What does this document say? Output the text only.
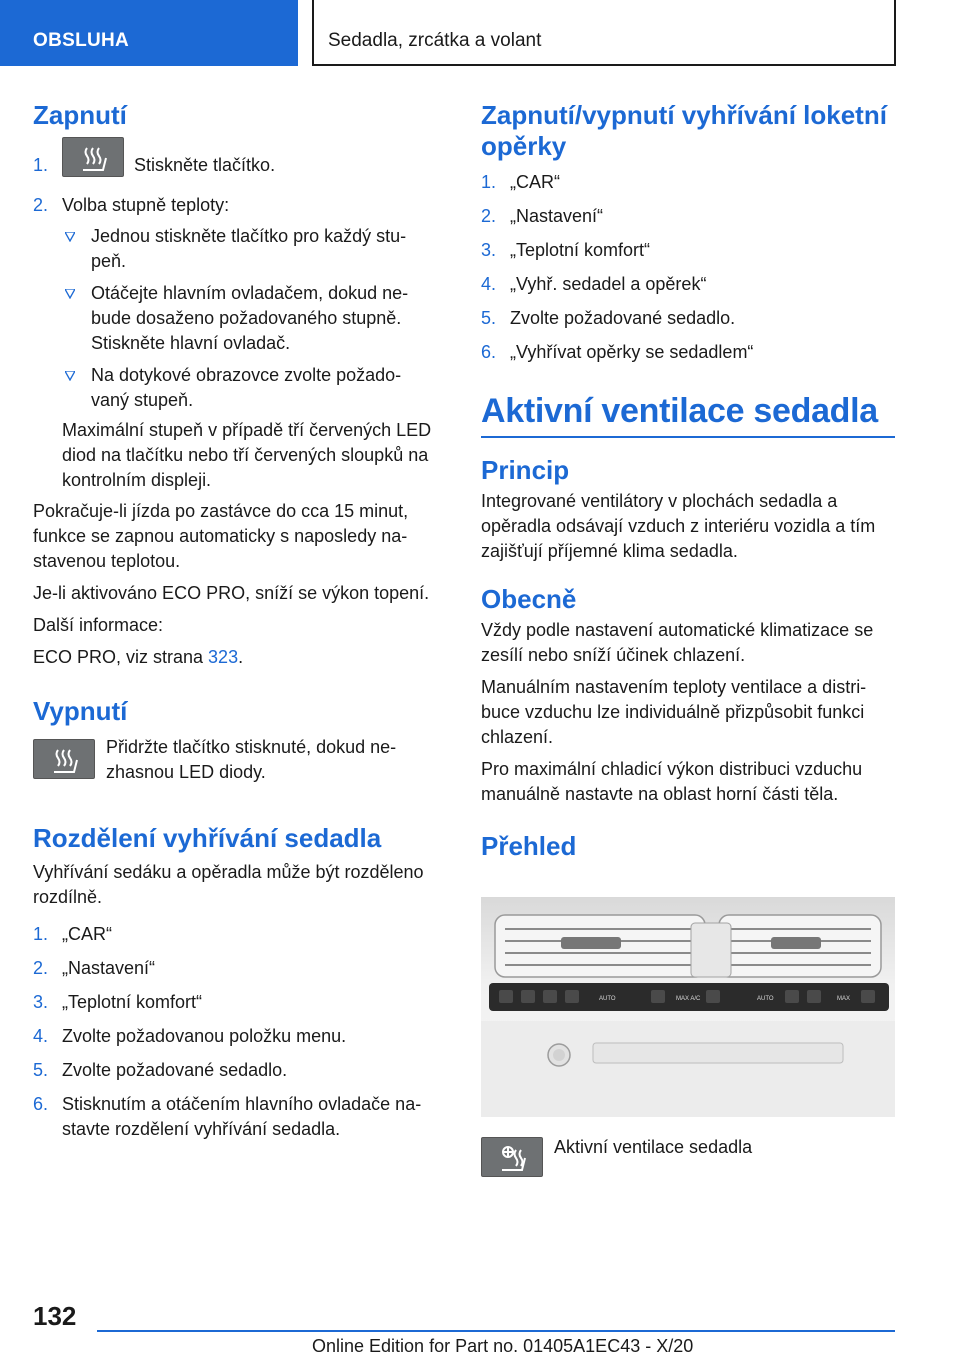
OBSLUHA	Sedadla, zrcátka a volant
Zapnutí
1.	Stiskněte tlačítko.
2. Volba stupně teploty:
Jednou stiskněte tlačítko pro každý stu‐
peň.
Otáčejte hlavním ovladačem, dokud ne‐
bude dosaženo požadovaného stupně.
Stiskněte hlavní ovladač.
Na dotykové obrazovce zvolte požado‐
vaný stupeň.

Maximální stupeň v případě tří červených LED
diod na tlačítku nebo tří červených sloupků na
kontrolním displeji.

Pokračuje-li jízda po zastávce do cca 15 minut,
funkce se zapnou automaticky s naposledy na‐
stavenou teplotou.

Je-li aktivováno ECO PRO, sníží se výkon topení.

Další informace:

ECO PRO, viz strana 323.

Vypnutí

Přidržte tlačítko stisknuté, dokud ne‐
zhasnou LED diody.

Rozdělení vyhřívání sedadla

Vyhřívání sedáku a opěradla může být rozděleno
rozdílně.

1. „CAR“
2. „Nastavení“
3. „Teplotní komfort“
4. Zvolte požadovanou položku menu.
5. Zvolte požadované sedadlo.
6. Stisknutím a otáčením hlavního ovladače na‐
stavte rozdělení vyhřívání sedadla.
Zapnutí/vypnutí vyhřívání loketní
opěrky
1. „CAR“
2. „Nastavení“
3. „Teplotní komfort“
4. „Vyhř. sedadel a opěrek“
5. Zvolte požadované sedadlo.
6. „Vyhřívat opěrky se sedadlem“
Aktivní ventilace sedadla
Princip

Integrované ventilátory v plochách sedadla a
opěradla odsávají vzduch z interiéru vozidla a tím
zajišťují příjemné klima sedadla.

Obecně

Vždy podle nastavení automatické klimatizace se
zesílí nebo sníží účinek chlazení.

Manuálním nastavením teploty ventilace a distri‐
buce vzduchu lze individuálně přizpůsobit funkci
chlazení.

Pro maximální chladicí výkon distribuci vzduchu
manuálně nastavte na oblast horní části těla.

Přehled
AUTO	MAX A/C	AUTO	MAX

Aktivní ventilace sedadla

132
Online Edition for Part no. 01405A1EC43 - X/20
